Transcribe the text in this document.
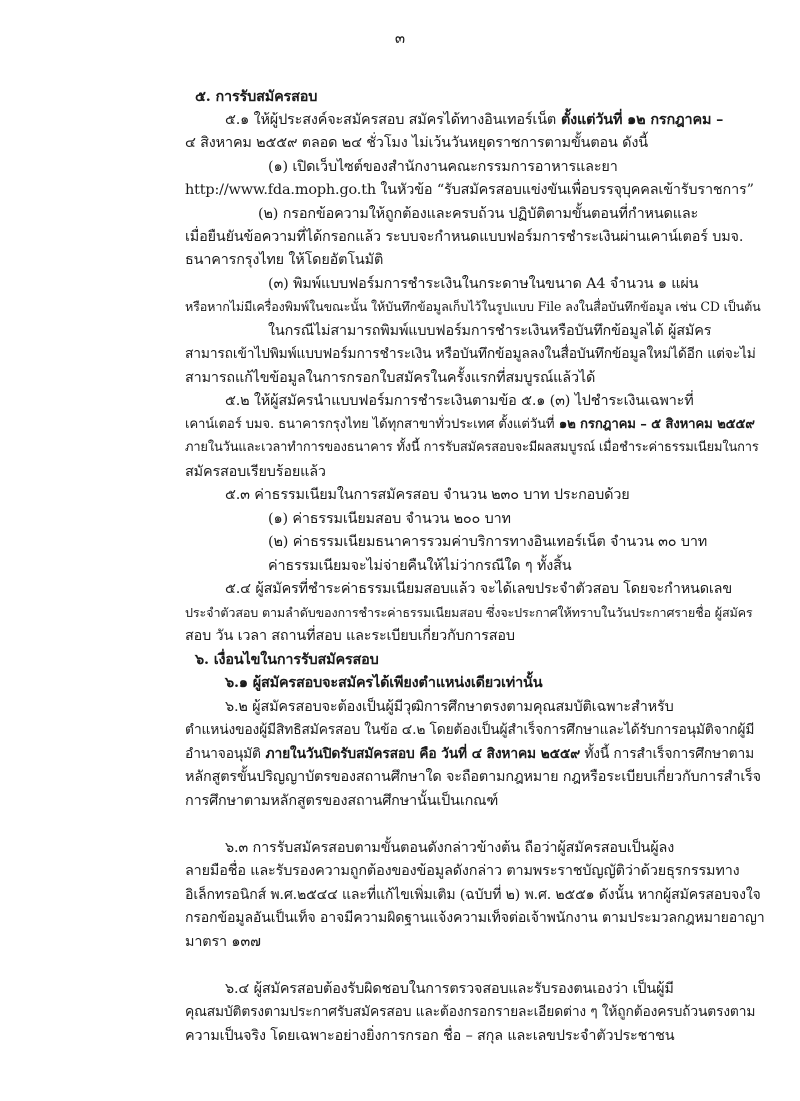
๓
๕. การรับสมัครสอบ
๕.๑ ให้ผู้ประสงค์จะสมัครสอบ สมัครได้ทางอินเทอร์เน็ต ตั้งแต่วันที่ ๑๒ กรกฎาคม –
๔ สิงหาคม ๒๕๕๙ ตลอด ๒๔ ชั่วโมง ไม่เว้นวันหยุดราชการตามขั้นตอน ดังนี้
(๑) เปิดเว็บไซต์ของสำนักงานคณะกรรมการอาหารและยา
http://www.fda.moph.go.th ในหัวข้อ “รับสมัครสอบแข่งขันเพื่อบรรจุบุคคลเข้ารับราชการ”
(๒) กรอกข้อความให้ถูกต้องและครบถ้วน ปฏิบัติตามขั้นตอนที่กำหนดและ
เมื่อยืนยันข้อความที่ได้กรอกแล้ว ระบบจะกำหนดแบบฟอร์มการชำระเงินผ่านเคาน์เตอร์ บมจ.
ธนาคารกรุงไทย ให้โดยอัตโนมัติ
(๓) พิมพ์แบบฟอร์มการชำระเงินในกระดาษในขนาด A4 จำนวน ๑ แผ่น
หรือหากไม่มีเครื่องพิมพ์ในขณะนั้น ให้บันทึกข้อมูลเก็บไว้ในรูปแบบ File ลงในสื่อบันทึกข้อมูล เช่น CD เป็นต้น
ในกรณีไม่สามารถพิมพ์แบบฟอร์มการชำระเงินหรือบันทึกข้อมูลได้ ผู้สมัคร
สามารถเข้าไปพิมพ์แบบฟอร์มการชำระเงิน หรือบันทึกข้อมูลลงในสื่อบันทึกข้อมูลใหม่ได้อีก แต่จะไม่
สามารถแก้ไขข้อมูลในการกรอกใบสมัครในครั้งแรกที่สมบูรณ์แล้วได้
๕.๒ ให้ผู้สมัครนำแบบฟอร์มการชำระเงินตามข้อ ๕.๑ (๓) ไปชำระเงินเฉพาะที่
เคาน์เตอร์ บมจ. ธนาคารกรุงไทย ได้ทุกสาขาทั่วประเทศ ตั้งแต่วันที่ ๑๒ กรกฎาคม – ๕ สิงหาคม ๒๕๕๙
ภายในวันและเวลาทำการของธนาคาร ทั้งนี้ การรับสมัครสอบจะมีผลสมบูรณ์ เมื่อชำระค่าธรรมเนียมในการ
สมัครสอบเรียบร้อยแล้ว
๕.๓ ค่าธรรมเนียมในการสมัครสอบ จำนวน ๒๓๐ บาท ประกอบด้วย
(๑) ค่าธรรมเนียมสอบ จำนวน ๒๐๐ บาท
(๒) ค่าธรรมเนียมธนาคารรวมค่าบริการทางอินเทอร์เน็ต จำนวน ๓๐ บาท
ค่าธรรมเนียมจะไม่จ่ายคืนให้ไม่ว่ากรณีใด ๆ ทั้งสิ้น
๕.๔ ผู้สมัครที่ชำระค่าธรรมเนียมสอบแล้ว จะได้เลขประจำตัวสอบ โดยจะกำหนดเลข
ประจำตัวสอบ ตามลำดับของการชำระค่าธรรมเนียมสอบ ซึ่งจะประกาศให้ทราบในวันประกาศรายชื่อ ผู้สมัคร
สอบ วัน เวลา สถานที่สอบ และระเบียบเกี่ยวกับการสอบ
๖. เงื่อนไขในการรับสมัครสอบ
๖.๑ ผู้สมัครสอบจะสมัครได้เพียงตำแหน่งเดียวเท่านั้น
๖.๒ ผู้สมัครสอบจะต้องเป็นผู้มีวุฒิการศึกษาตรงตามคุณสมบัติเฉพาะสำหรับ
ตำแหน่งของผู้มีสิทธิสมัครสอบ ในข้อ ๔.๒ โดยต้องเป็นผู้สำเร็จการศึกษาและได้รับการอนุมัติจากผู้มี
อำนาจอนุมัติ ภายในวันปิดรับสมัครสอบ คือ วันที่ ๔ สิงหาคม ๒๕๕๙ ทั้งนี้ การสำเร็จการศึกษาตาม
หลักสูตรขั้นปริญญาบัตรของสถานศึกษาใด จะถือตามกฎหมาย กฎหรือระเบียบเกี่ยวกับการสำเร็จ
การศึกษาตามหลักสูตรของสถานศึกษานั้นเป็นเกณฑ์
๖.๓ การรับสมัครสอบตามขั้นตอนดังกล่าวข้างต้น ถือว่าผู้สมัครสอบเป็นผู้ลง
ลายมือชื่อ และรับรองความถูกต้องของข้อมูลดังกล่าว ตามพระราชบัญญัติว่าด้วยธุรกรรมทาง
อิเล็กทรอนิกส์ พ.ศ.๒๕๔๔ และที่แก้ไขเพิ่มเติม (ฉบับที่ ๒) พ.ศ. ๒๕๕๑ ดังนั้น หากผู้สมัครสอบจงใจ
กรอกข้อมูลอันเป็นเท็จ อาจมีความผิดฐานแจ้งความเท็จต่อเจ้าพนักงาน ตามประมวลกฎหมายอาญา
มาตรา ๑๓๗
๖.๔ ผู้สมัครสอบต้องรับผิดชอบในการตรวจสอบและรับรองตนเองว่า เป็นผู้มี
คุณสมบัติตรงตามประกาศรับสมัครสอบ และต้องกรอกรายละเอียดต่าง ๆ ให้ถูกต้องครบถ้วนตรงตาม
ความเป็นจริง โดยเฉพาะอย่างยิ่งการกรอก ชื่อ – สกุล และเลขประจำตัวประชาชน
